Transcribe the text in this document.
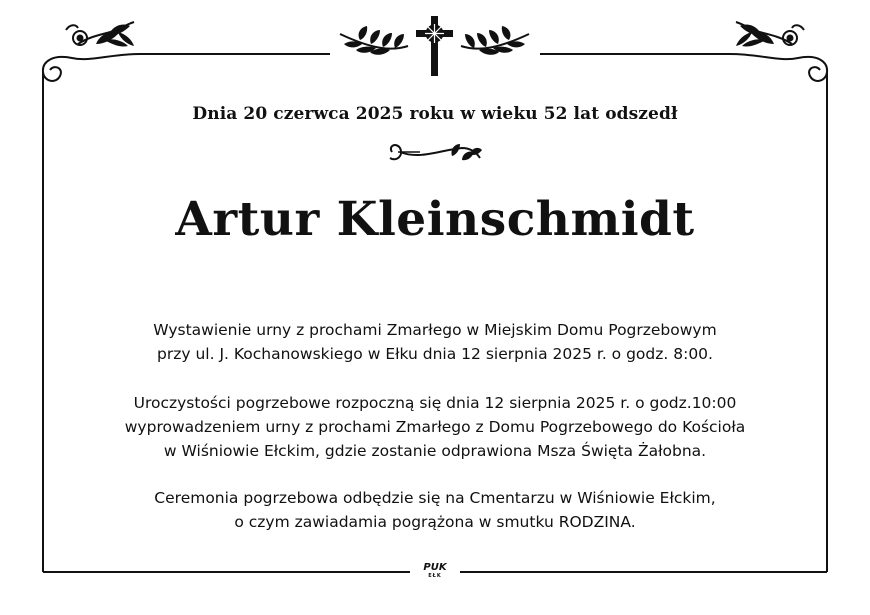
Dnia 20 czerwca 2025 roku w wieku 52 lat odszedł
Artur Kleinschmidt
Wystawienie urny z prochami Zmarłego w Miejskim Domu Pogrzebowym
przy ul. J. Kochanowskiego w Ełku dnia 12 sierpnia 2025 r. o godz. 8:00.
Uroczystości pogrzebowe rozpoczną się dnia 12 sierpnia 2025 r. o godz.10:00
wyprowadzeniem urny z prochami Zmarłego z Domu Pogrzebowego do Kościoła
w Wiśniowie Ełckim, gdzie zostanie odprawiona Msza Święta Żałobna.
Ceremonia pogrzebowa odbędzie się na Cmentarzu w Wiśniowie Ełckim,
o czym zawiadamia pogrążona w smutku RODZINA.
PUK
EŁK
